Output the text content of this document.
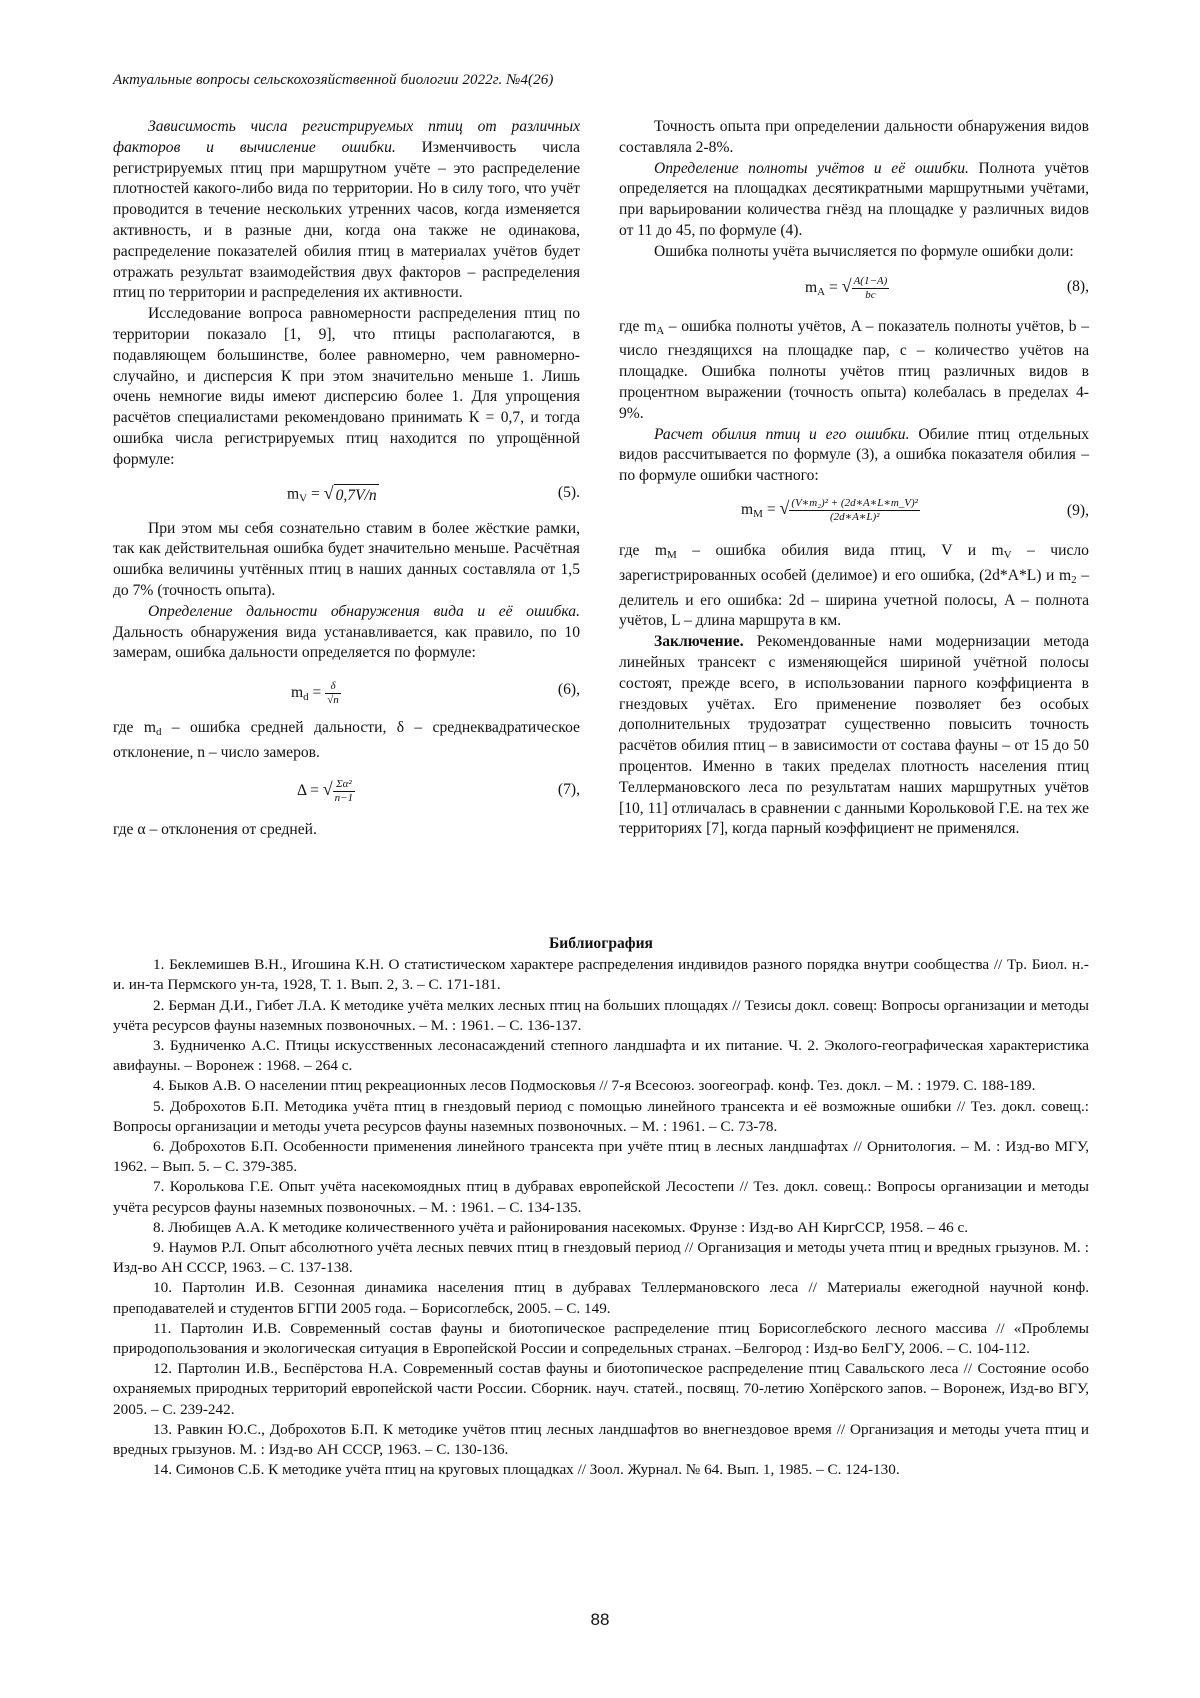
Актуальные вопросы сельскохозяйственной биологии 2022г. №4(26)

Зависимость числа регистрируемых птиц от различных факторов и вычисление ошибки. Изменчивость числа регистрируемых птиц при маршрутном учёте – это распределение плотностей какого-либо вида по территории. Но в силу того, что учёт проводится в течение нескольких утренних часов, когда изменяется активность, и в разные дни, когда она также не одинакова, распределение показателей обилия птиц в материалах учётов будет отражать результат взаимодействия двух факторов – распределения птиц по территории и распределения их активности.

Исследование вопроса равномерности распределения птиц по территории показало [1, 9], что птицы располагаются, в подавляющем большинстве, более равномерно, чем равномерно-случайно, и дисперсия К при этом значительно меньше 1. Лишь очень немногие виды имеют дисперсию более 1. Для упрощения расчётов специалистами рекомендовано принимать К = 0,7, и тогда ошибка числа регистрируемых птиц находится по упрощённой формуле:

$m_V$ = √ 0,7V/n	(5).

При этом мы себя сознательно ставим в более жёсткие рамки, так как действительная ошибка будет значительно меньше. Расчётная ошибка величины учтённых птиц в наших данных составляла от 1,5 до 7% (точность опыта).

Определение дальности обнаружения вида и её ошибка. Дальность обнаружения вида устанавливается, как правило, по 10 замерам, ошибка дальности определяется по формуле:

$m_d = \frac{\delta}{√n}$	(6),

где $m_d$ – ошибка средней дальности, δ – среднеквадратическое отклонение, n – число замеров.

Δ = √ $\frac{\text{Σα²}}{n-1}$	(7),

где α – отклонения от средней.

Точность опыта при определении дальности обнаружения видов составляла 2-8%.

Определение полноты учётов и её ошибки. Полнота учётов определяется на площадках десятикратными маршрутными учётами, при варьировании количества гнёзд на площадке у различных видов от 11 до 45, по формуле (4).

Ошибка полноты учёта вычисляется по формуле ошибки доли:

$m_A$ = √ $\frac{A(1-A)}{bc}$	(8),

где $m_A$ – ошибка полноты учётов, A – показатель полноты учётов, b – число гнездящихся на площадке пар, c – количество учётов на площадке. Ошибка полноты учётов птиц различных видов в процентном выражении (точность опыта) колебалась в пределах 4-9%.

Расчет обилия птиц и его ошибки. Обилие птиц отдельных видов рассчитывается по формуле (3), а ошибка показателя обилия – по формуле ошибки частного:

$m_M$ = √ $\frac{\text{(V∗m₂)² + (2d∗A∗L∗m\_V)²}}{\text{(2d∗A∗L)²}}$	(9),

где $m_M$ – ошибка обилия вида птиц, V и $m_V$ – число зарегистрированных особей (делимое) и его ошибка, (2d*A*L) и $m_2$ – делитель и его ошибка: 2d – ширина учетной полосы, A – полнота учётов, L – длина маршрута в км.

Заключение. Рекомендованные нами модернизации метода линейных трансект с изменяющейся шириной учётной полосы состоят, прежде всего, в использовании парного коэффициента в гнездовых учётах. Его применение позволяет без особых дополнительных трудозатрат существенно повысить точность расчётов обилия птиц – в зависимости от состава фауны – от 15 до 50 процентов. Именно в таких пределах плотность населения птиц Теллермановского леса по результатам наших маршрутных учётов [10, 11] отличалась в сравнении с данными Корольковой Г.Е. на тех же территориях [7], когда парный коэффициент не применялся.

Библиография

1. Беклемишев В.Н., Игошина К.Н. О статистическом характере распределения индивидов разного порядка внутри сообщества // Тр. Биол. н.- и. ин-та Пермского ун-та, 1928, Т. 1. Вып. 2, 3. – С. 171-181.

2. Берман Д.И., Гибет Л.А. К методике учёта мелких лесных птиц на больших площадях // Тезисы докл. совещ: Вопросы организации и методы учёта ресурсов фауны наземных позвоночных. – М. : 1961. – С. 136-137.

3. Будниченко А.С. Птицы искусственных лесонасаждений степного ландшафта и их питание. Ч. 2. Эколого-географическая характеристика авифауны. – Воронеж : 1968. – 264 с.

4. Быков А.В. О населении птиц рекреационных лесов Подмосковья // 7-я Всесоюз. зоогеограф. конф. Тез. докл. – М. : 1979. С. 188-189.

5. Доброхотов Б.П. Методика учёта птиц в гнездовый период с помощью линейного трансекта и её возможные ошибки // Тез. докл. совещ.: Вопросы организации и методы учета ресурсов фауны наземных позвоночных. – М. : 1961. – С. 73-78.

6. Доброхотов Б.П. Особенности применения линейного трансекта при учёте птиц в лесных ландшафтах // Орнитология. – М. : Изд-во МГУ, 1962. – Вып. 5. – С. 379-385.

7. Королькова Г.Е. Опыт учёта насекомоядных птиц в дубравах европейской Лесостепи // Тез. докл. совещ.: Вопросы организации и методы учёта ресурсов фауны наземных позвоночных. – М. : 1961. – С. 134-135.

8. Любищев А.А. К методике количественного учёта и районирования насекомых. Фрунзе : Изд-во АН КиргССР, 1958. – 46 с.

9. Наумов Р.Л. Опыт абсолютного учёта лесных певчих птиц в гнездовый период // Организация и методы учета птиц и вредных грызунов. М. : Изд-во АН СССР, 1963. – С. 137-138.

10. Партолин И.В. Сезонная динамика населения птиц в дубравах Теллермановского леса // Материалы ежегодной научной конф. преподавателей и студентов БГПИ 2005 года. – Борисоглебск, 2005. – С. 149.

11. Партолин И.В. Современный состав фауны и биотопическое распределение птиц Борисоглебского лесного массива // «Проблемы природопользования и экологическая ситуация в Европейской России и сопредельных странах. –Белгород : Изд-во БелГУ, 2006. – С. 104-112.

12. Партолин И.В., Беспёрстова Н.А. Современный состав фауны и биотопическое распределение птиц Савальского леса // Состояние особо охраняемых природных территорий европейской части России. Сборник. науч. статей., посвящ. 70-летию Хопёрского запов. – Воронеж, Изд-во ВГУ, 2005. – С. 239-242.

13. Равкин Ю.С., Доброхотов Б.П. К методике учётов птиц лесных ландшафтов во внегнездовое время // Организация и методы учета птиц и вредных грызунов. М. : Изд-во АН СССР, 1963. – С. 130-136.

14. Симонов С.Б. К методике учёта птиц на круговых площадках // Зоол. Журнал. № 64. Вып. 1, 1985. – С. 124-130.

88
